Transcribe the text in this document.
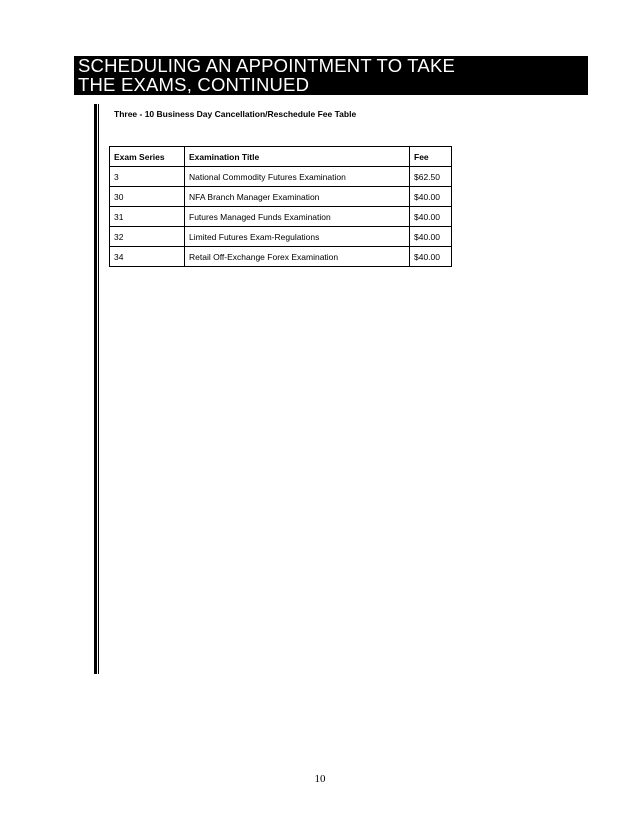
SCHEDULING AN APPOINTMENT TO TAKE
THE EXAMS, CONTINUED
Three - 10 Business Day Cancellation/Reschedule Fee Table
Exam Series	Examination Title	Fee
3	National Commodity Futures Examination	$62.50
30	NFA Branch Manager Examination	$40.00
31	Futures Managed Funds Examination	$40.00
32	Limited Futures Exam-Regulations	$40.00
34	Retail Off-Exchange Forex Examination	$40.00
10
